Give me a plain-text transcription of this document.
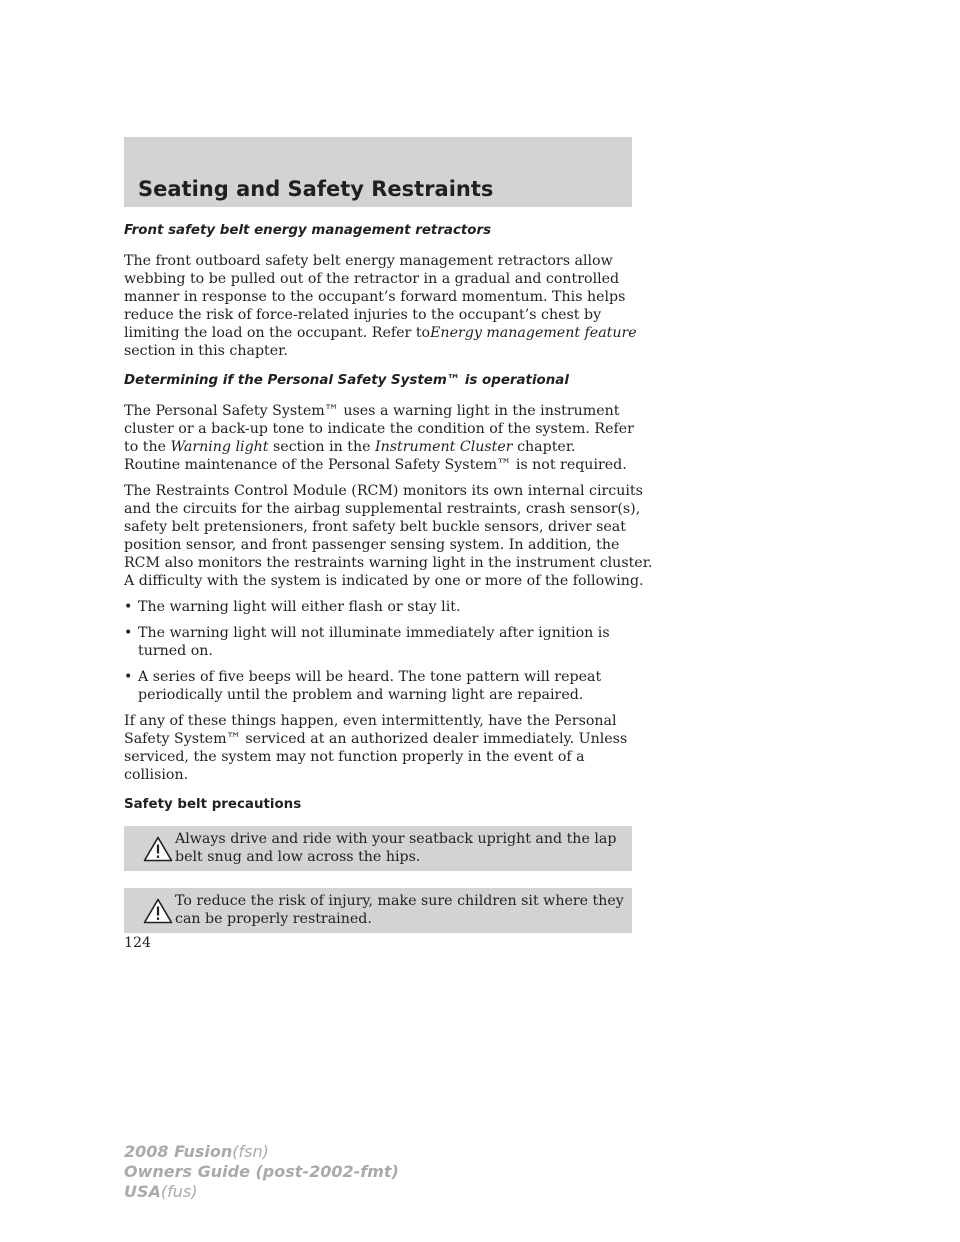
Seating and Safety Restraints
Front safety belt energy management retractors

The front outboard safety belt energy management retractors allow
webbing to be pulled out of the retractor in a gradual and controlled
manner in response to the occupant’s forward momentum. This helps
reduce the risk of force-related injuries to the occupant’s chest by
limiting the load on the occupant. Refer toEnergy management feature
section in this chapter.

Determining if the Personal Safety System™ is operational

The Personal Safety System™ uses a warning light in the instrument
cluster or a back-up tone to indicate the condition of the system. Refer
to the Warning light section in the Instrument Cluster chapter.
Routine maintenance of the Personal Safety System™ is not required.

The Restraints Control Module (RCM) monitors its own internal circuits
and the circuits for the airbag supplemental restraints, crash sensor(s),
safety belt pretensioners, front safety belt buckle sensors, driver seat
position sensor, and front passenger sensing system. In addition, the
RCM also monitors the restraints warning light in the instrument cluster.
A difficulty with the system is indicated by one or more of the following.

• The warning light will either flash or stay lit.
• The warning light will not illuminate immediately after ignition is
turned on.
• A series of five beeps will be heard. The tone pattern will repeat
periodically until the problem and warning light are repaired.

If any of these things happen, even intermittently, have the Personal
Safety System™ serviced at an authorized dealer immediately. Unless
serviced, the system may not function properly in the event of a
collision.

Safety belt precautions
Always drive and ride with your seatback upright and the lap
belt snug and low across the hips.
To reduce the risk of injury, make sure children sit where they
can be properly restrained.
124
2008 Fusion(fsn)
Owners Guide (post-2002-fmt)
USA(fus)
